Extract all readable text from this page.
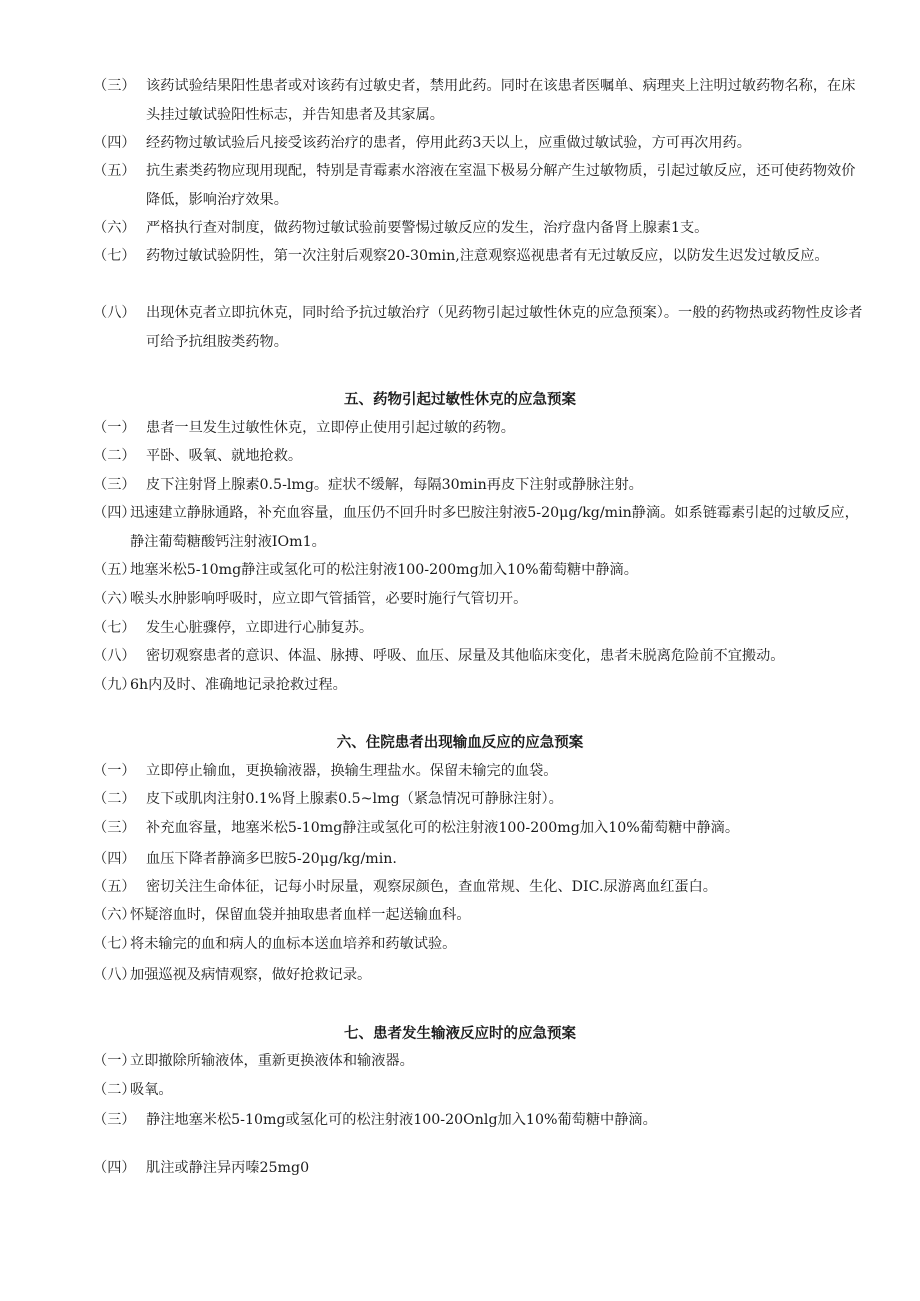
（三） 该药试验结果阳性患者或对该药有过敏史者，禁用此药。同时在该患者医嘱单、病理夹上注明过敏药物名称，在床头挂过敏试验阳性标志，并告知患者及其家属。
（四） 经药物过敏试验后凡接受该药治疗的患者，停用此药3天以上，应重做过敏试验，方可再次用药。
（五） 抗生素类药物应现用现配，特别是青霉素水溶液在室温下极易分解产生过敏物质，引起过敏反应，还可使药物效价降低，影响治疗效果。
（六） 严格执行查对制度，做药物过敏试验前要警惕过敏反应的发生，治疗盘内备肾上腺素1支。
（七） 药物过敏试验阴性，第一次注射后观察20-30min,注意观察巡视患者有无过敏反应，以防发生迟发过敏反应。
（八） 出现休克者立即抗休克，同时给予抗过敏治疗（见药物引起过敏性休克的应急预案）。一般的药物热或药物性皮诊者可给予抗组胺类药物。
五、药物引起过敏性休克的应急预案
（一） 患者一旦发生过敏性休克，立即停止使用引起过敏的药物。
（二） 平卧、吸氧、就地抢救。
（三） 皮下注射肾上腺素0.5-lmg。症状不缓解，每隔30min再皮下注射或静脉注射。
（四）
迅速建立静脉通路，补充血容量，血压仍不回升时多巴胺注射液5-20μg/kg/min静滴。如系链霉素引起的过敏反应，静注葡萄糖酸钙注射液IOm1。
（五）
地塞米松5-10mg静注或氢化可的松注射液100-200mg加入10%葡萄糖中静滴。
（六）
喉头水肿影响呼吸时，应立即气管插管，必要时施行气管切开。
（七） 发生心脏骤停，立即进行心肺复苏。
（八） 密切观察患者的意识、体温、脉搏、呼吸、血压、尿量及其他临床变化，患者未脱离危险前不宜搬动。
（九）
6h内及时、准确地记录抢救过程。
六、住院患者出现输血反应的应急预案
（一） 立即停止输血，更换输液器，换输生理盐水。保留未输完的血袋。
（二） 皮下或肌肉注射0.1%肾上腺素0.5~lmg（紧急情况可静脉注射）。
（三） 补充血容量，地塞米松5-10mg静注或氢化可的松注射液100-200mg加入10%葡萄糖中静滴。
（四） 血压下降者静滴多巴胺5-20μg/kg/min.
（五） 密切关注生命体征，记每小时尿量，观察尿颜色，查血常规、生化、DIC.尿游离血红蛋白。
（六）
怀疑溶血时，保留血袋并抽取患者血样一起送输血科。
（七）
将未输完的血和病人的血标本送血培养和药敏试验。
（八）
加强巡视及病情观察，做好抢救记录。
七、患者发生输液反应时的应急预案
（一）
立即撤除所输液体，重新更换液体和输液器。
（二）
吸氧。
（三） 静注地塞米松5-10mg或氢化可的松注射液100-20Onlg加入10%葡萄糖中静滴。
（四） 肌注或静注异丙嗪25mg0
